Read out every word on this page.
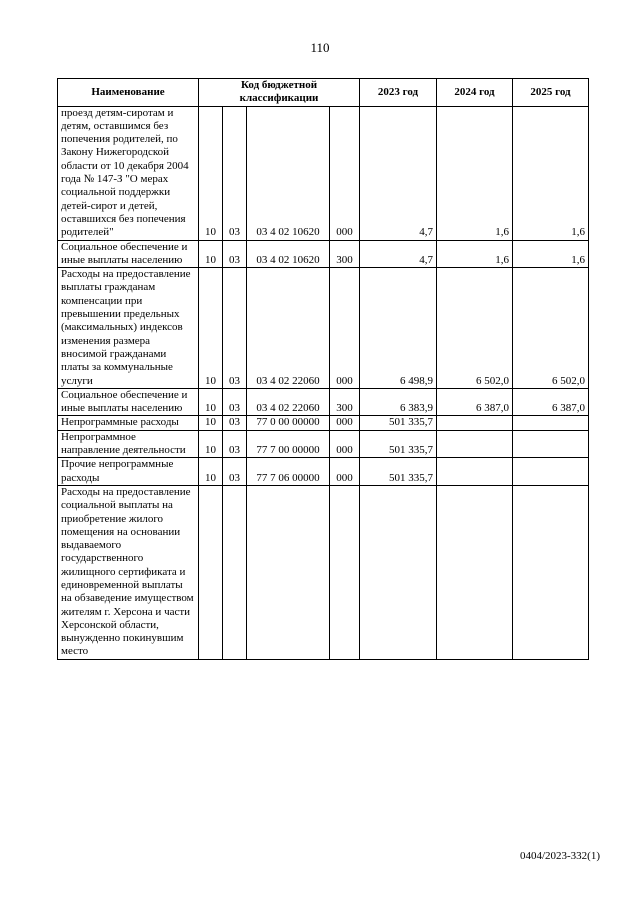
110
Наименование	Код бюджетной классификации				2023 год	2024 год	2025 год
проезд детям-сиротам и детям, оставшимся без попечения родителей, по Закону Нижегородской области от 10 декабря 2004 года № 147-З "О мерах социальной поддержки детей-сирот и детей, оставшихся без попечения родителей"	10	03	03 4 02 10620	000	4,7	1,6	1,6
Социальное обеспечение и иные выплаты населению	10	03	03 4 02 10620	300	4,7	1,6	1,6
Расходы на предоставление выплаты гражданам компенсации при превышении предельных (максимальных) индексов изменения размера вносимой гражданами платы за коммунальные услуги	10	03	03 4 02 22060	000	6 498,9	6 502,0	6 502,0
Социальное обеспечение и иные выплаты населению	10	03	03 4 02 22060	300	6 383,9	6 387,0	6 387,0
Непрограммные расходы	10	03	77 0 00 00000	000	501 335,7		
Непрограммное направление деятельности	10	03	77 7 00 00000	000	501 335,7		
Прочие непрограммные расходы	10	03	77 7 06 00000	000	501 335,7		
Расходы на предоставление социальной выплаты на приобретение жилого помещения на основании выдаваемого государственного жилищного сертификата и единовременной выплаты на обзаведение имуществом жителям г. Херсона и части Херсонской области, вынужденно покинувшим место							
0404/2023-332(1)
